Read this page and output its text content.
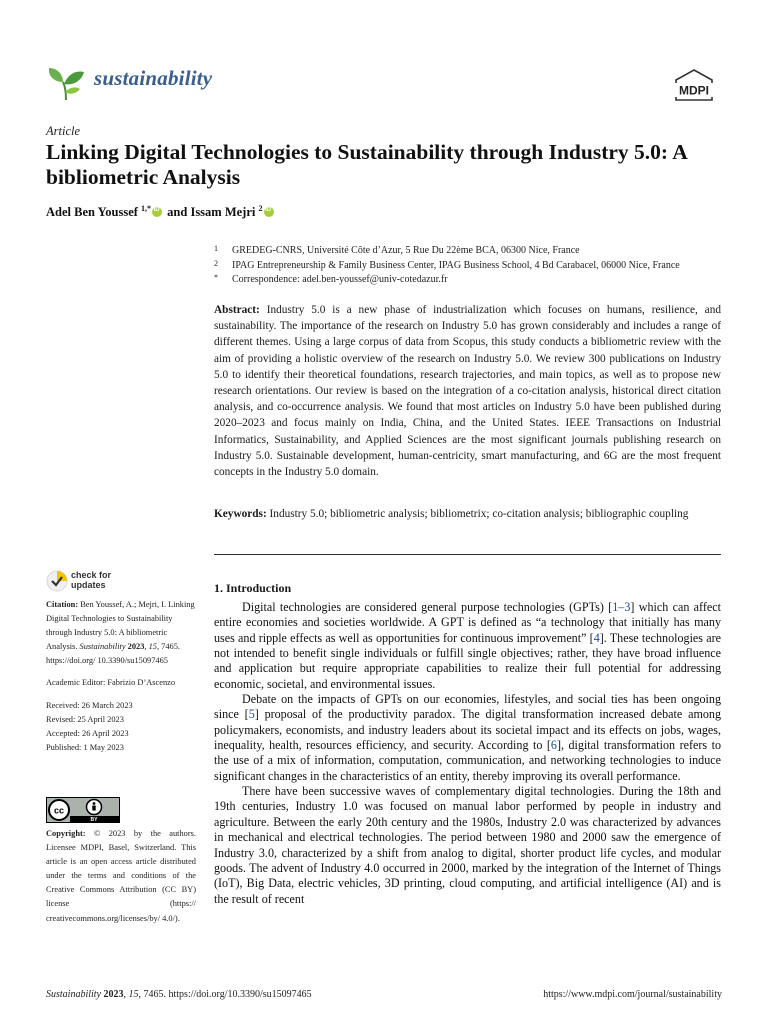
sustainability
MDPI
Article
Linking Digital Technologies to Sustainability through Industry 5.0: A bibliometric Analysis
Adel Ben Youssef $^{1,*}$iD and Issam Mejri $^2$iD
1 GREDEG-CNRS, Université Côte d’Azur, 5 Rue Du 22ème BCA, 06300 Nice, France
2 IPAG Entrepreneurship & Family Business Center, IPAG Business School, 4 Bd Carabacel, 06000 Nice, France
* Correspondence: adel.ben-youssef@univ-cotedazur.fr
Abstract: Industry 5.0 is a new phase of industrialization which focuses on humans, resilience, and sustainability. The importance of the research on Industry 5.0 has grown considerably and includes a range of different themes. Using a large corpus of data from Scopus, this study conducts a bibliometric review with the aim of providing a holistic overview of the research on Industry 5.0. We review 300 publications on Industry 5.0 to identify their theoretical foundations, research trajectories, and main topics, as well as to propose new research orientations. Our review is based on the integration of a co-citation analysis, historical direct citation analysis, and co-occurrence analysis. We found that most articles on Industry 5.0 have been published during 2020–2023 and focus mainly on India, China, and the United States. IEEE Transactions on Industrial Informatics, Sustainability, and Applied Sciences are the most significant journals publishing research on Industry 5.0. Sustainable development, human-centricity, smart manufacturing, and 6G are the most frequent concepts in the Industry 5.0 domain.
Keywords: Industry 5.0; bibliometric analysis; bibliometrix; co-citation analysis; bibliographic coupling
check for
updates

Citation: Ben Youssef, A.; Mejri, I. Linking Digital Technologies to Sustainability through Industry 5.0: A bibliometric Analysis. Sustainability 2023, 15, 7465. https://doi.org/ 10.3390/su15097465

Academic Editor: Fabrizio D’Ascenzo

Received: 26 March 2023
Revised: 25 April 2023
Accepted: 26 April 2023
Published: 1 May 2023
cc
BY
Copyright: © 2023 by the authors. Licensee MDPI, Basel, Switzerland. This article is an open access article distributed under the terms and conditions of the Creative Commons Attribution (CC BY) license (https:// creativecommons.org/licenses/by/ 4.0/).
1. Introduction

Digital technologies are considered general purpose technologies (GPTs) [1–3] which can affect entire economies and societies worldwide. A GPT is defined as “a technology that initially has many uses and ripple effects as well as opportunities for continuous improvement” [4]. These technologies are not intended to benefit single individuals or fulfill single objectives; rather, they have broad influence and application but require appropriate capabilities to realize their full potential for addressing economic, societal, and environmental issues.

Debate on the impacts of GPTs on our economies, lifestyles, and social ties has been ongoing since [5] proposal of the productivity paradox. The digital transformation increased debate among policymakers, economists, and industry leaders about its societal impact and its effects on jobs, wages, inequality, health, resources efficiency, and security. According to [6], digital transformation refers to the use of a mix of information, computation, communication, and networking technologies to induce significant changes in the characteristics of an entity, thereby improving its overall performance.

There have been successive waves of complementary digital technologies. During the 18th and 19th centuries, Industry 1.0 was focused on manual labor performed by people in industry and agriculture. Between the early 20th century and the 1980s, Industry 2.0 was characterized by advances in mechanical and electrical technologies. The period between 1980 and 2000 saw the emergence of Industry 3.0, characterized by a shift from analog to digital, shorter product life cycles, and modular goods. The advent of Industry 4.0 occurred in 2000, marked by the integration of the Internet of Things (IoT), Big Data, electric vehicles, 3D printing, cloud computing, and artificial intelligence (AI) and is the result of recent

Sustainability 2023, 15, 7465. https://doi.org/10.3390/su15097465	https://www.mdpi.com/journal/sustainability
